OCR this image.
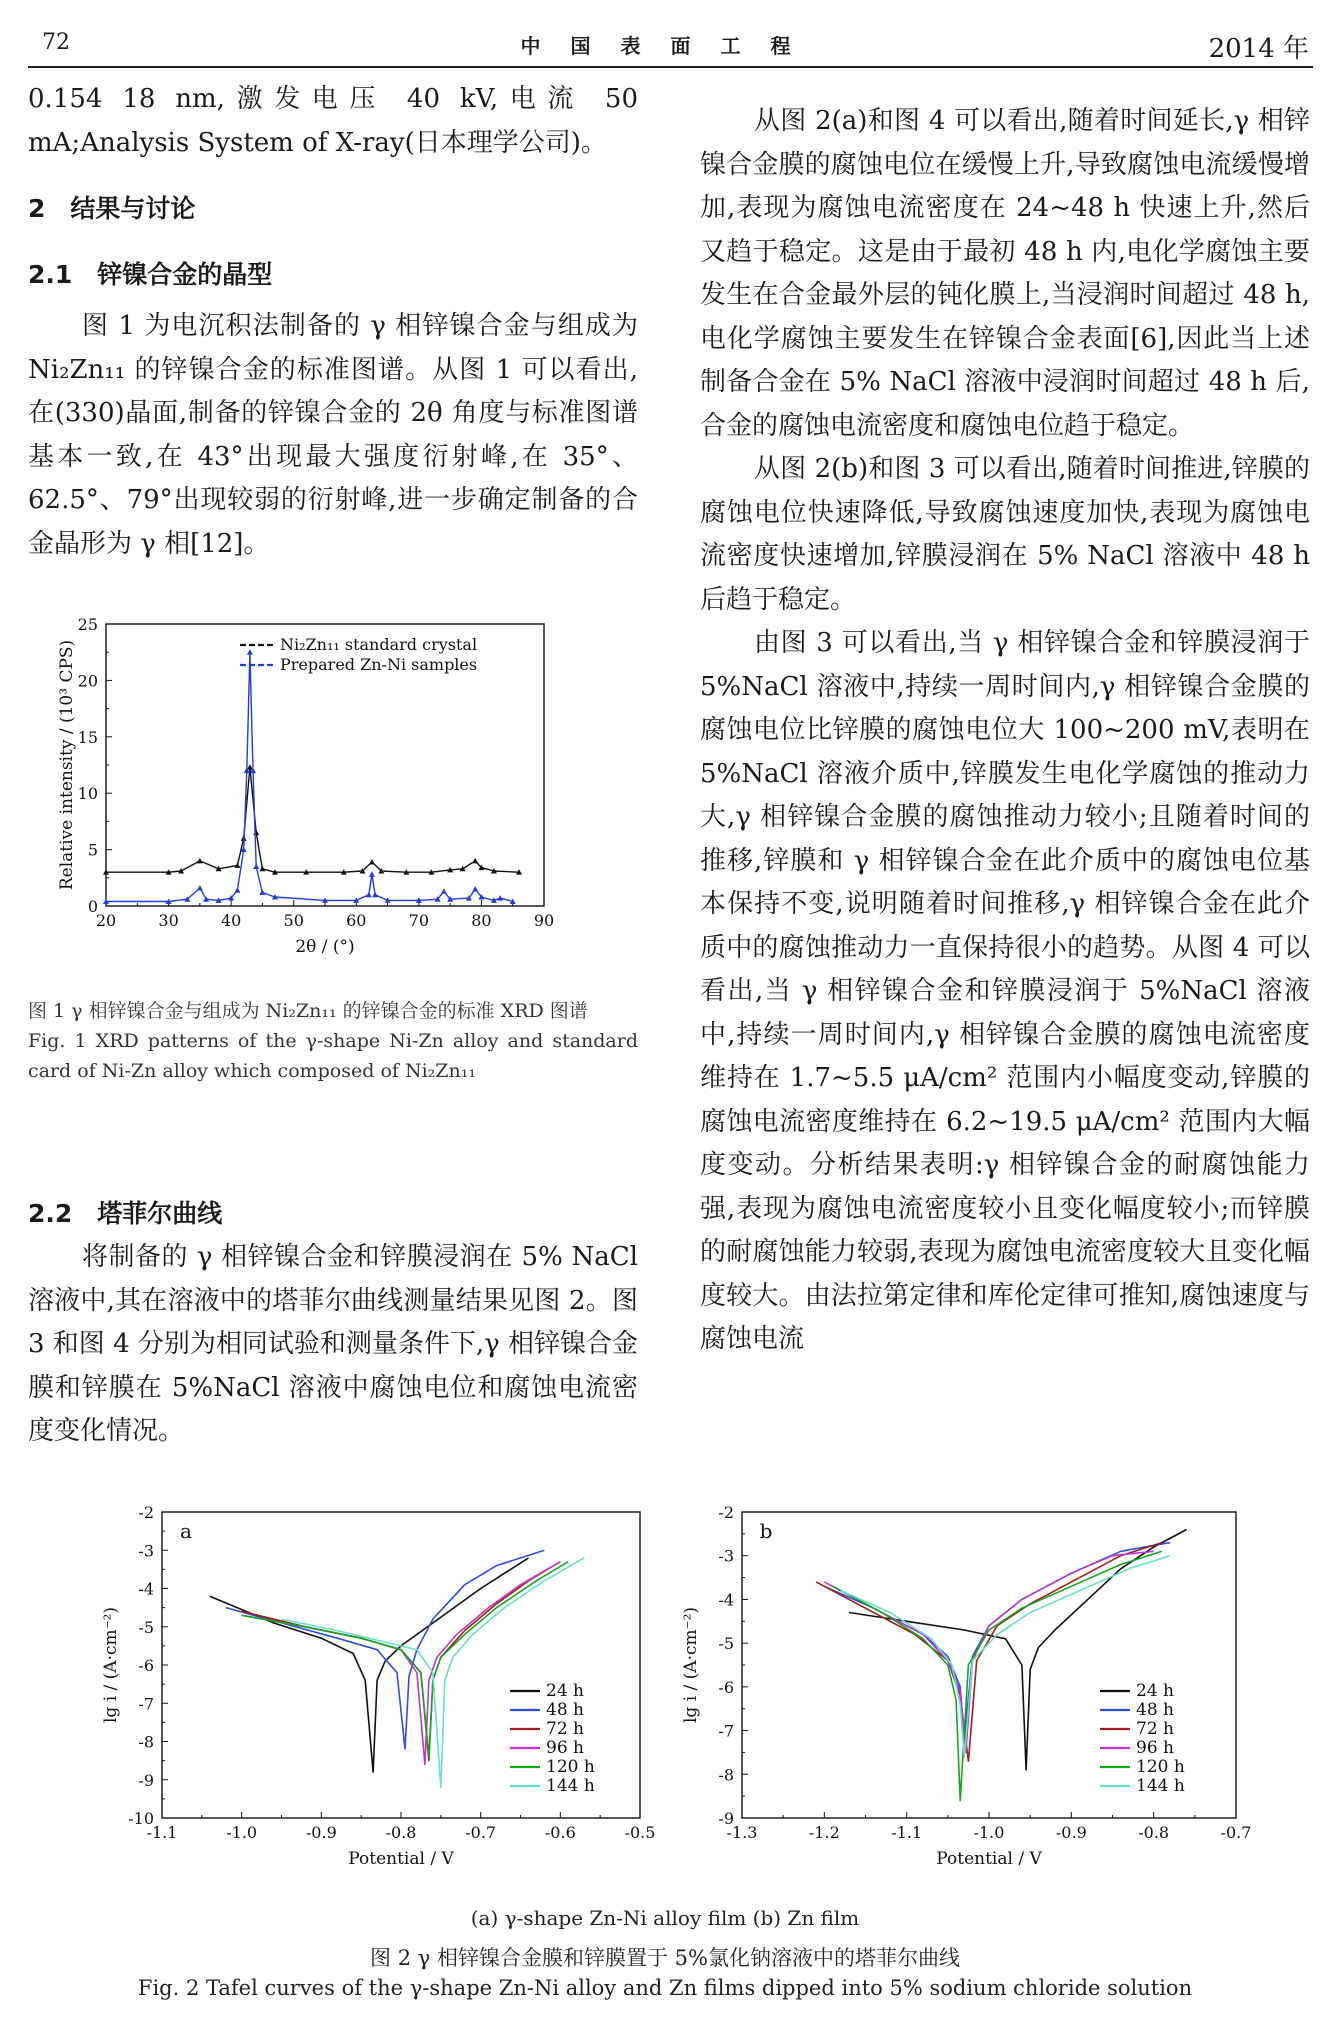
72	中国表面工程	2014 年

0.154 18 nm,激发电压 40 kV,电流 50 mA;Analysis System of X-ray(日本理学公司)。

2　结果与讨论

2.1　锌镍合金的晶型

图 1 为电沉积法制备的 γ 相锌镍合金与组成为 Ni₂Zn₁₁ 的锌镍合金的标准图谱。从图 1 可以看出,在(330)晶面,制备的锌镍合金的 2θ 角度与标准图谱基本一致,在 43°出现最大强度衍射峰,在 35°、62.5°、79°出现较弱的衍射峰,进一步确定制备的合金晶形为 γ 相[12]。

20	30	40	50	60	70	80	90
0
5
10
15
20
25
2θ / (°)
Relative intensity / (10³ CPS)	Ni₂Zn₁₁ standard crystal
Prepared Zn-Ni samples

图 1 γ 相锌镍合金与组成为 Ni₂Zn₁₁ 的锌镍合金的标准 XRD 图谱

Fig. 1 XRD patterns of the γ-shape Ni-Zn alloy and standard card of Ni-Zn alloy which composed of Ni₂Zn₁₁

2.2　塔菲尔曲线

将制备的 γ 相锌镍合金和锌膜浸润在 5% NaCl 溶液中,其在溶液中的塔菲尔曲线测量结果见图 2。图 3 和图 4 分别为相同试验和测量条件下,γ 相锌镍合金膜和锌膜在 5%NaCl 溶液中腐蚀电位和腐蚀电流密度变化情况。

从图 2(a)和图 4 可以看出,随着时间延长,γ 相锌镍合金膜的腐蚀电位在缓慢上升,导致腐蚀电流缓慢增加,表现为腐蚀电流密度在 24~48 h 快速上升,然后又趋于稳定。这是由于最初 48 h 内,电化学腐蚀主要发生在合金最外层的钝化膜上,当浸润时间超过 48 h,电化学腐蚀主要发生在锌镍合金表面[6],因此当上述制备合金在 5% NaCl 溶液中浸润时间超过 48 h 后,合金的腐蚀电流密度和腐蚀电位趋于稳定。

从图 2(b)和图 3 可以看出,随着时间推进,锌膜的腐蚀电位快速降低,导致腐蚀速度加快,表现为腐蚀电流密度快速增加,锌膜浸润在 5% NaCl 溶液中 48 h 后趋于稳定。

由图 3 可以看出,当 γ 相锌镍合金和锌膜浸润于 5%NaCl 溶液中,持续一周时间内,γ 相锌镍合金膜的腐蚀电位比锌膜的腐蚀电位大 100~200 mV,表明在 5%NaCl 溶液介质中,锌膜发生电化学腐蚀的推动力大,γ 相锌镍合金膜的腐蚀推动力较小;且随着时间的推移,锌膜和 γ 相锌镍合金在此介质中的腐蚀电位基本保持不变,说明随着时间推移,γ 相锌镍合金在此介质中的腐蚀推动力一直保持很小的趋势。从图 4 可以看出,当 γ 相锌镍合金和锌膜浸润于 5%NaCl 溶液中,持续一周时间内,γ 相锌镍合金膜的腐蚀电流密度维持在 1.7~5.5 μA/cm² 范围内小幅度变动,锌膜的腐蚀电流密度维持在 6.2~19.5 μA/cm² 范围内大幅度变动。分析结果表明:γ 相锌镍合金的耐腐蚀能力强,表现为腐蚀电流密度较小且变化幅度较小;而锌膜的耐腐蚀能力较弱,表现为腐蚀电流密度较大且变化幅度较大。由法拉第定律和库伦定律可推知,腐蚀速度与腐蚀电流

-1.1	-1.0	-0.9	-0.8	-0.7	-0.6	-0.5
-2
-3
-4
-5
-6
-7
-8
-9
-10
Potential / V
lg i / (A·cm⁻²)
a
24 h
48 h
72 h
96 h
120 h
144 h
-1.3	-1.2	-1.1	-1.0	-0.9	-0.8	-0.7
-2
-3
-4
-5
-6
-7
-8
-9
Potential / V
lg i / (A·cm⁻²)
b
24 h
48 h
72 h
96 h
120 h
144 h
(a) γ-shape Zn-Ni alloy film (b) Zn film
图 2 γ 相锌镍合金膜和锌膜置于 5%氯化钠溶液中的塔菲尔曲线
Fig. 2 Tafel curves of the γ-shape Zn-Ni alloy and Zn films dipped into 5% sodium chloride solution
